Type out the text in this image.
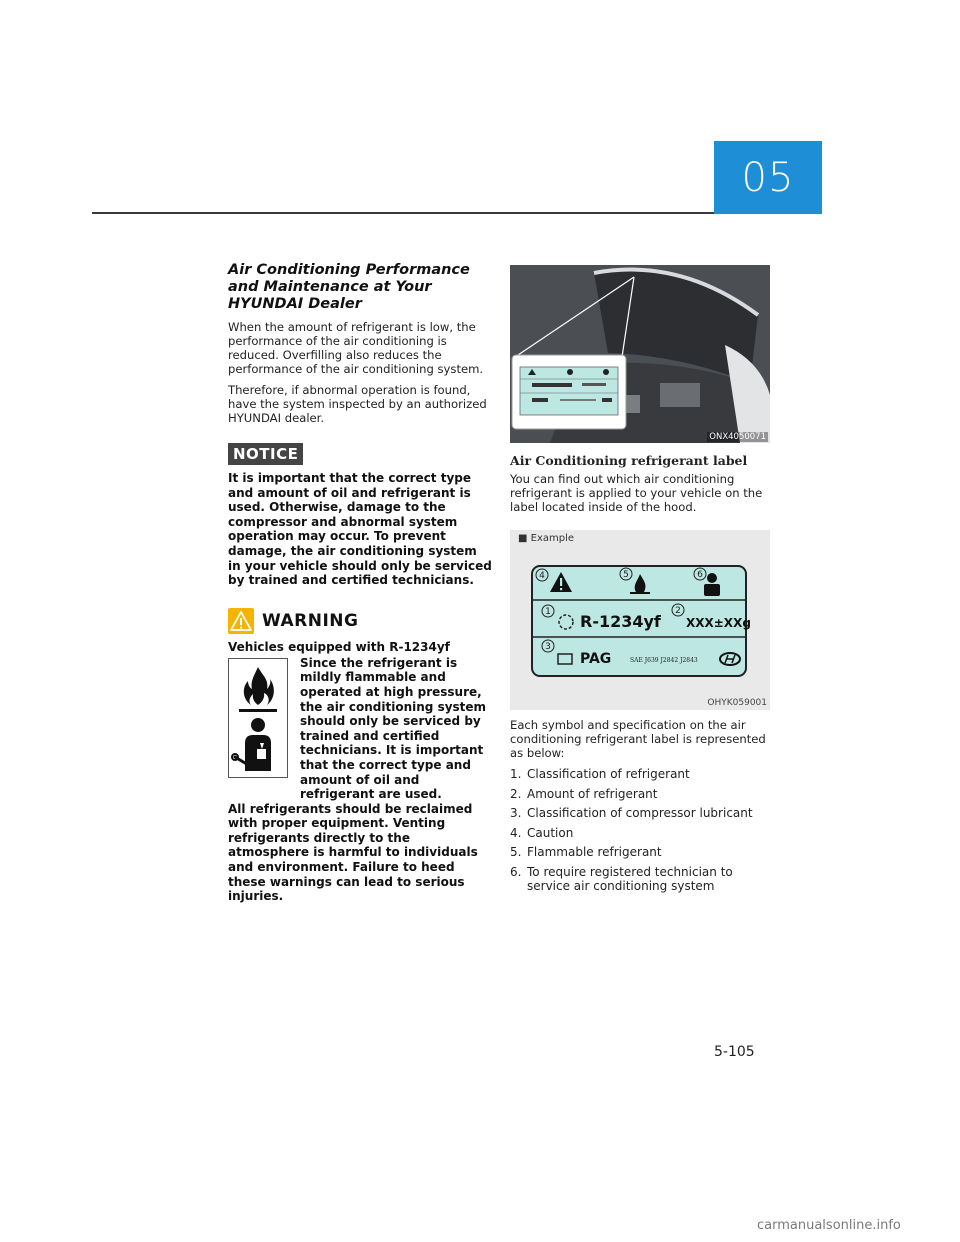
05
Air Conditioning Performance and Maintenance at Your HYUNDAI Dealer

When the amount of refrigerant is low, the performance of the air conditioning is reduced. Overfilling also reduces the performance of the air conditioning system.

Therefore, if abnormal operation is found, have the system inspected by an authorized HYUNDAI dealer.

NOTICE

It is important that the correct type and amount of oil and refrigerant is used. Otherwise, damage to the compressor and abnormal system operation may occur. To prevent damage, the air conditioning system in your vehicle should only be serviced by trained and certified technicians.

WARNING
Vehicles equipped with R-1234yf
Since the refrigerant is mildly flammable and operated at high pressure, the air conditioning system should only be serviced by trained and certified technicians. It is important that the correct type and amount of oil and refrigerant are used.

All refrigerants should be reclaimed with proper equipment. Venting refrigerants directly to the atmosphere is harmful to individuals and environment. Failure to heed these warnings can lead to serious injuries.

ONX4050071
Air Conditioning refrigerant label

You can find out which air conditioning refrigerant is applied to your vehicle on the label located inside of the hood.

■ Example
1	2
3
4	5	6
R-1234yf XXX±XXg
PAG	SAE J639 J2842 J2843
OHYK059001

Each symbol and specification on the air conditioning refrigerant label is represented as below:

1. Classification of refrigerant
2. Amount of refrigerant
3. Classification of compressor lubricant
4. Caution
5. Flammable refrigerant
6. To require registered technician to service air conditioning system
5-105
carmanualsonline.info
